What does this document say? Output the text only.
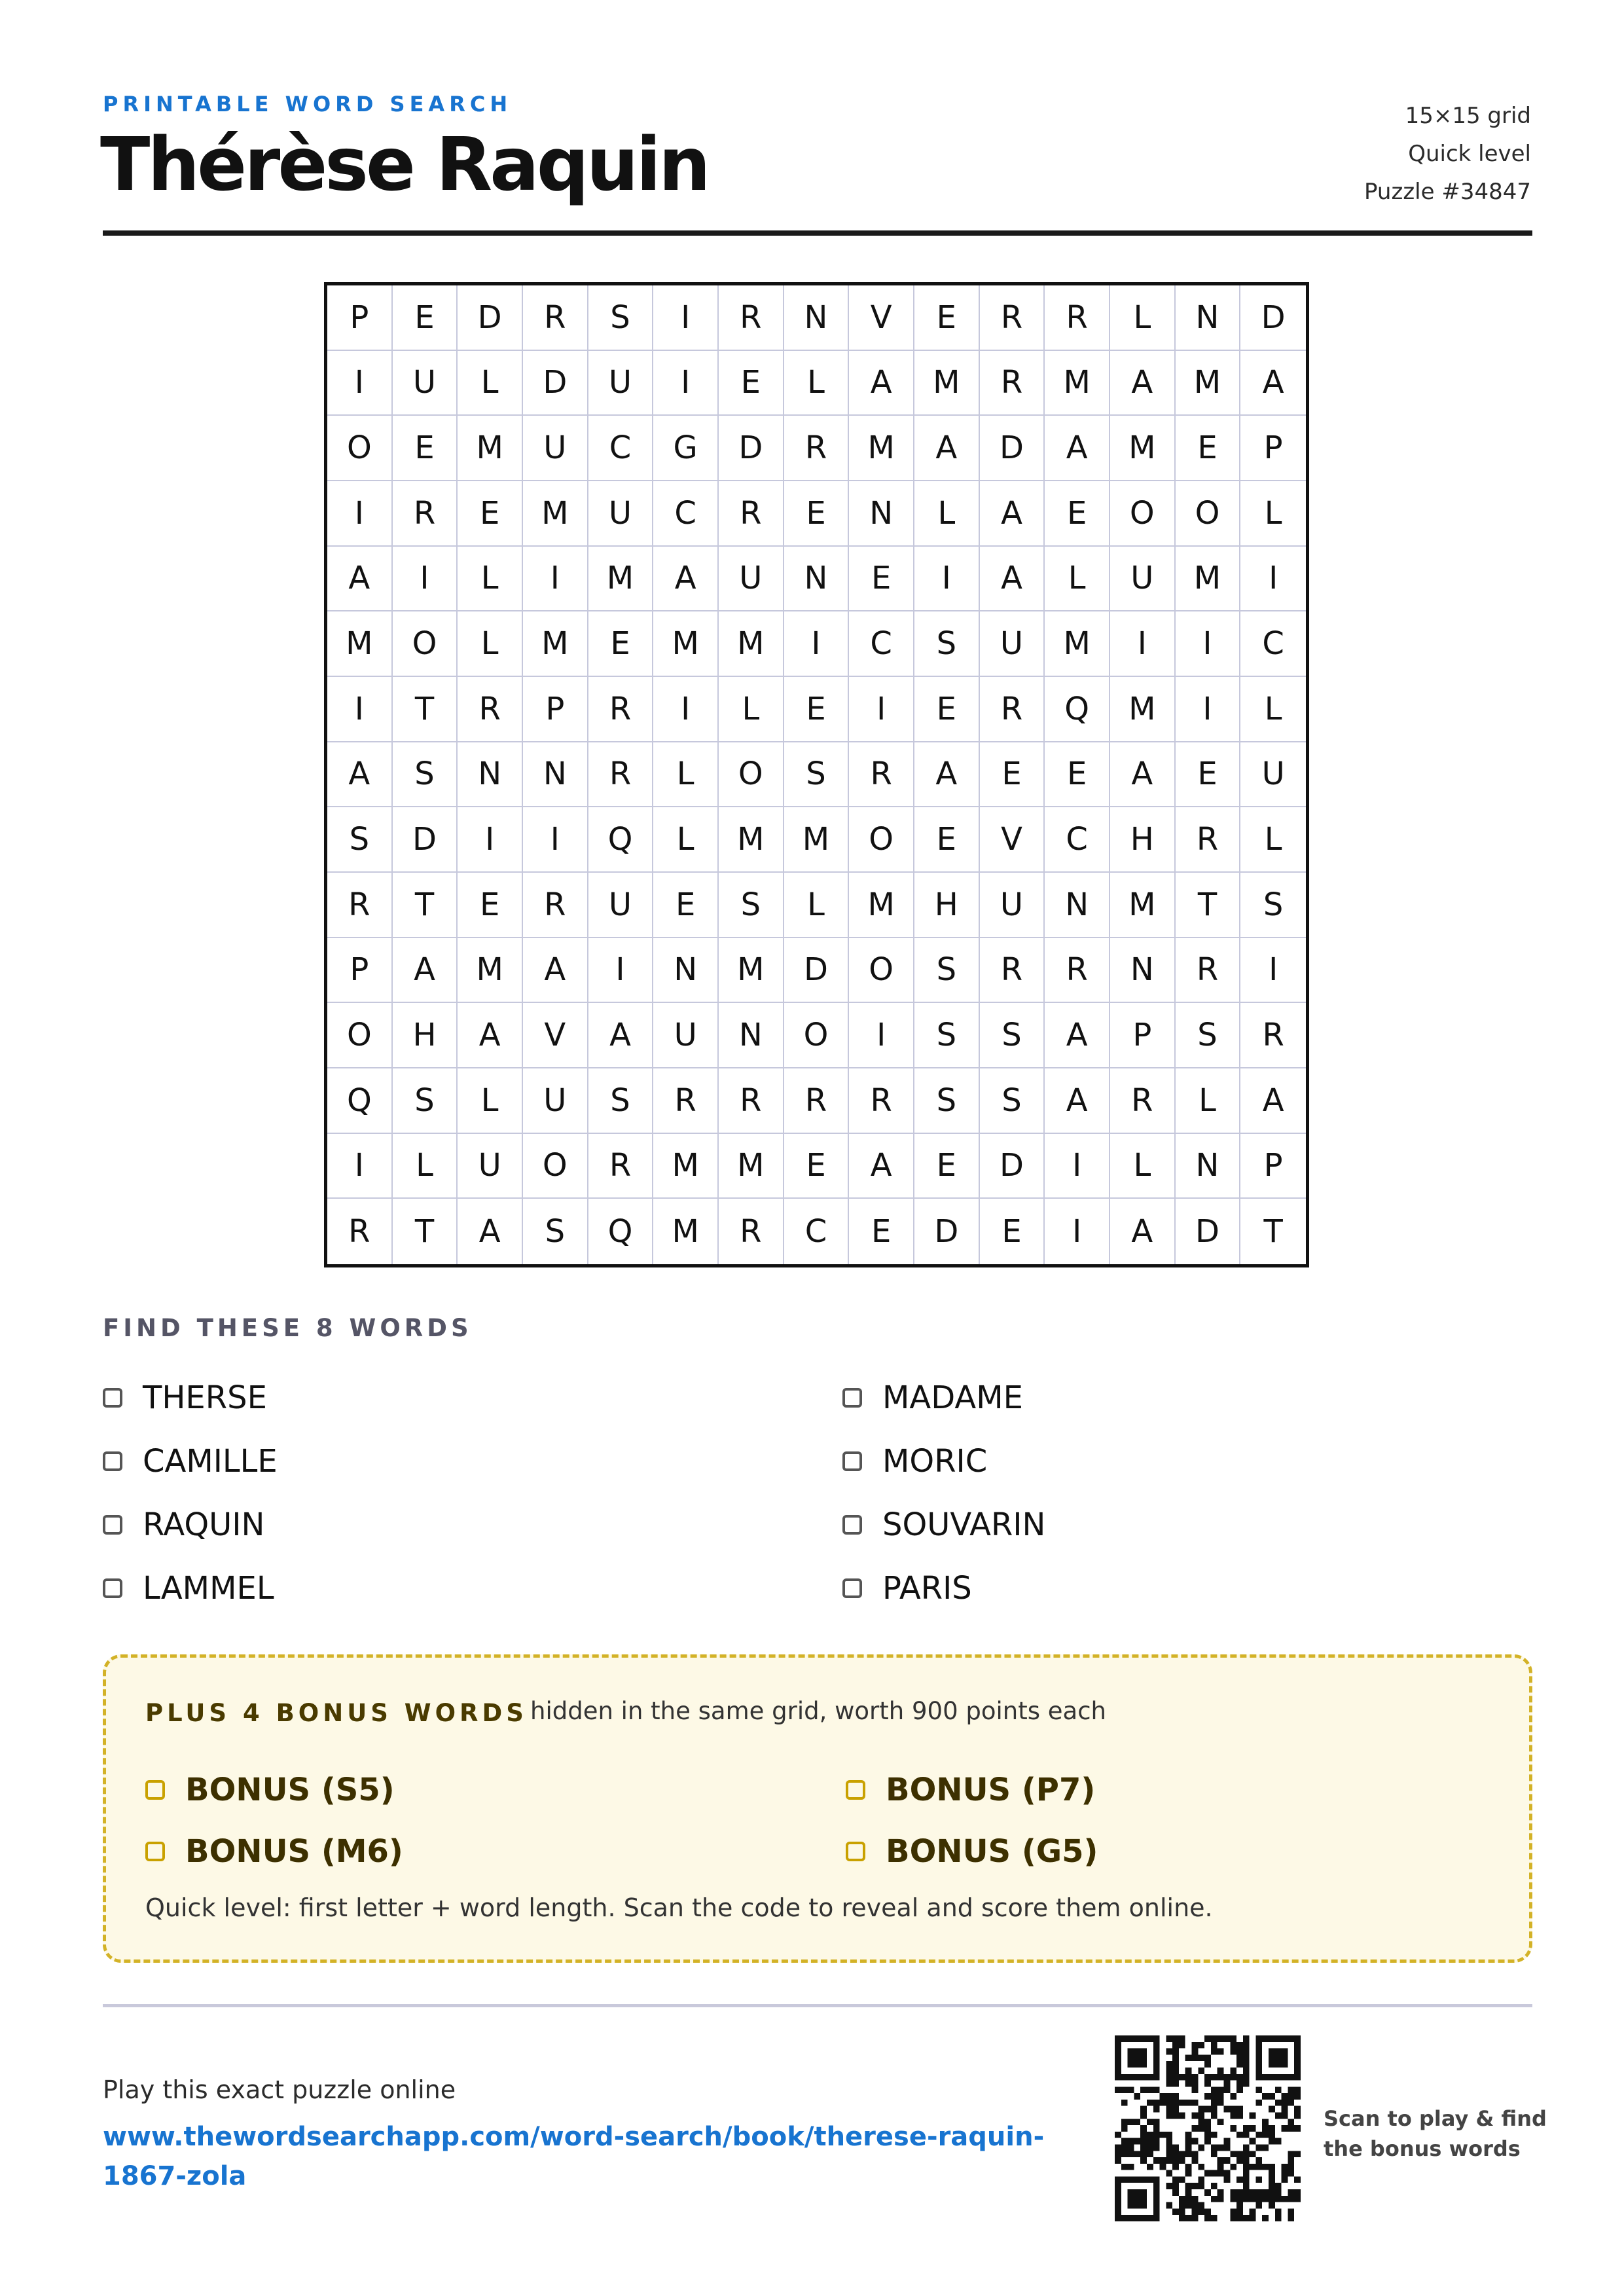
PRINTABLE WORD SEARCH
Thérèse Raquin
15×15 grid
Quick level
Puzzle #34847
P	E	D	R	S	I	R	N	V	E	R	R	L	N	D
I	U	L	D	U	I	E	L	A	M	R	M	A	M	A
O	E	M	U	C	G	D	R	M	A	D	A	M	E	P
I	R	E	M	U	C	R	E	N	L	A	E	O	O	L
A	I	L	I	M	A	U	N	E	I	A	L	U	M	I
M	O	L	M	E	M	M	I	C	S	U	M	I	I	C
I	T	R	P	R	I	L	E	I	E	R	Q	M	I	L
A	S	N	N	R	L	O	S	R	A	E	E	A	E	U
S	D	I	I	Q	L	M	M	O	E	V	C	H	R	L
R	T	E	R	U	E	S	L	M	H	U	N	M	T	S
P	A	M	A	I	N	M	D	O	S	R	R	N	R	I
O	H	A	V	A	U	N	O	I	S	S	A	P	S	R
Q	S	L	U	S	R	R	R	R	S	S	A	R	L	A
I	L	U	O	R	M	M	E	A	E	D	I	L	N	P
R	T	A	S	Q	M	R	C	E	D	E	I	A	D	T
FIND THESE 8 WORDS
THERSE	MADAME
CAMILLE	MORIC
RAQUIN	SOUVARIN
LAMMEL	PARIS
PLUS 4 BONUS WORDS hidden in the same grid, worth 900 points each
BONUS (S5)	BONUS (P7)
BONUS (M6)	BONUS (G5)
Quick level: first letter + word length. Scan the code to reveal and score them online.
Play this exact puzzle online
www.thewordsearchapp.com/word-search/book/therese-raquin-1867-zola
Scan to play & find
the bonus words
